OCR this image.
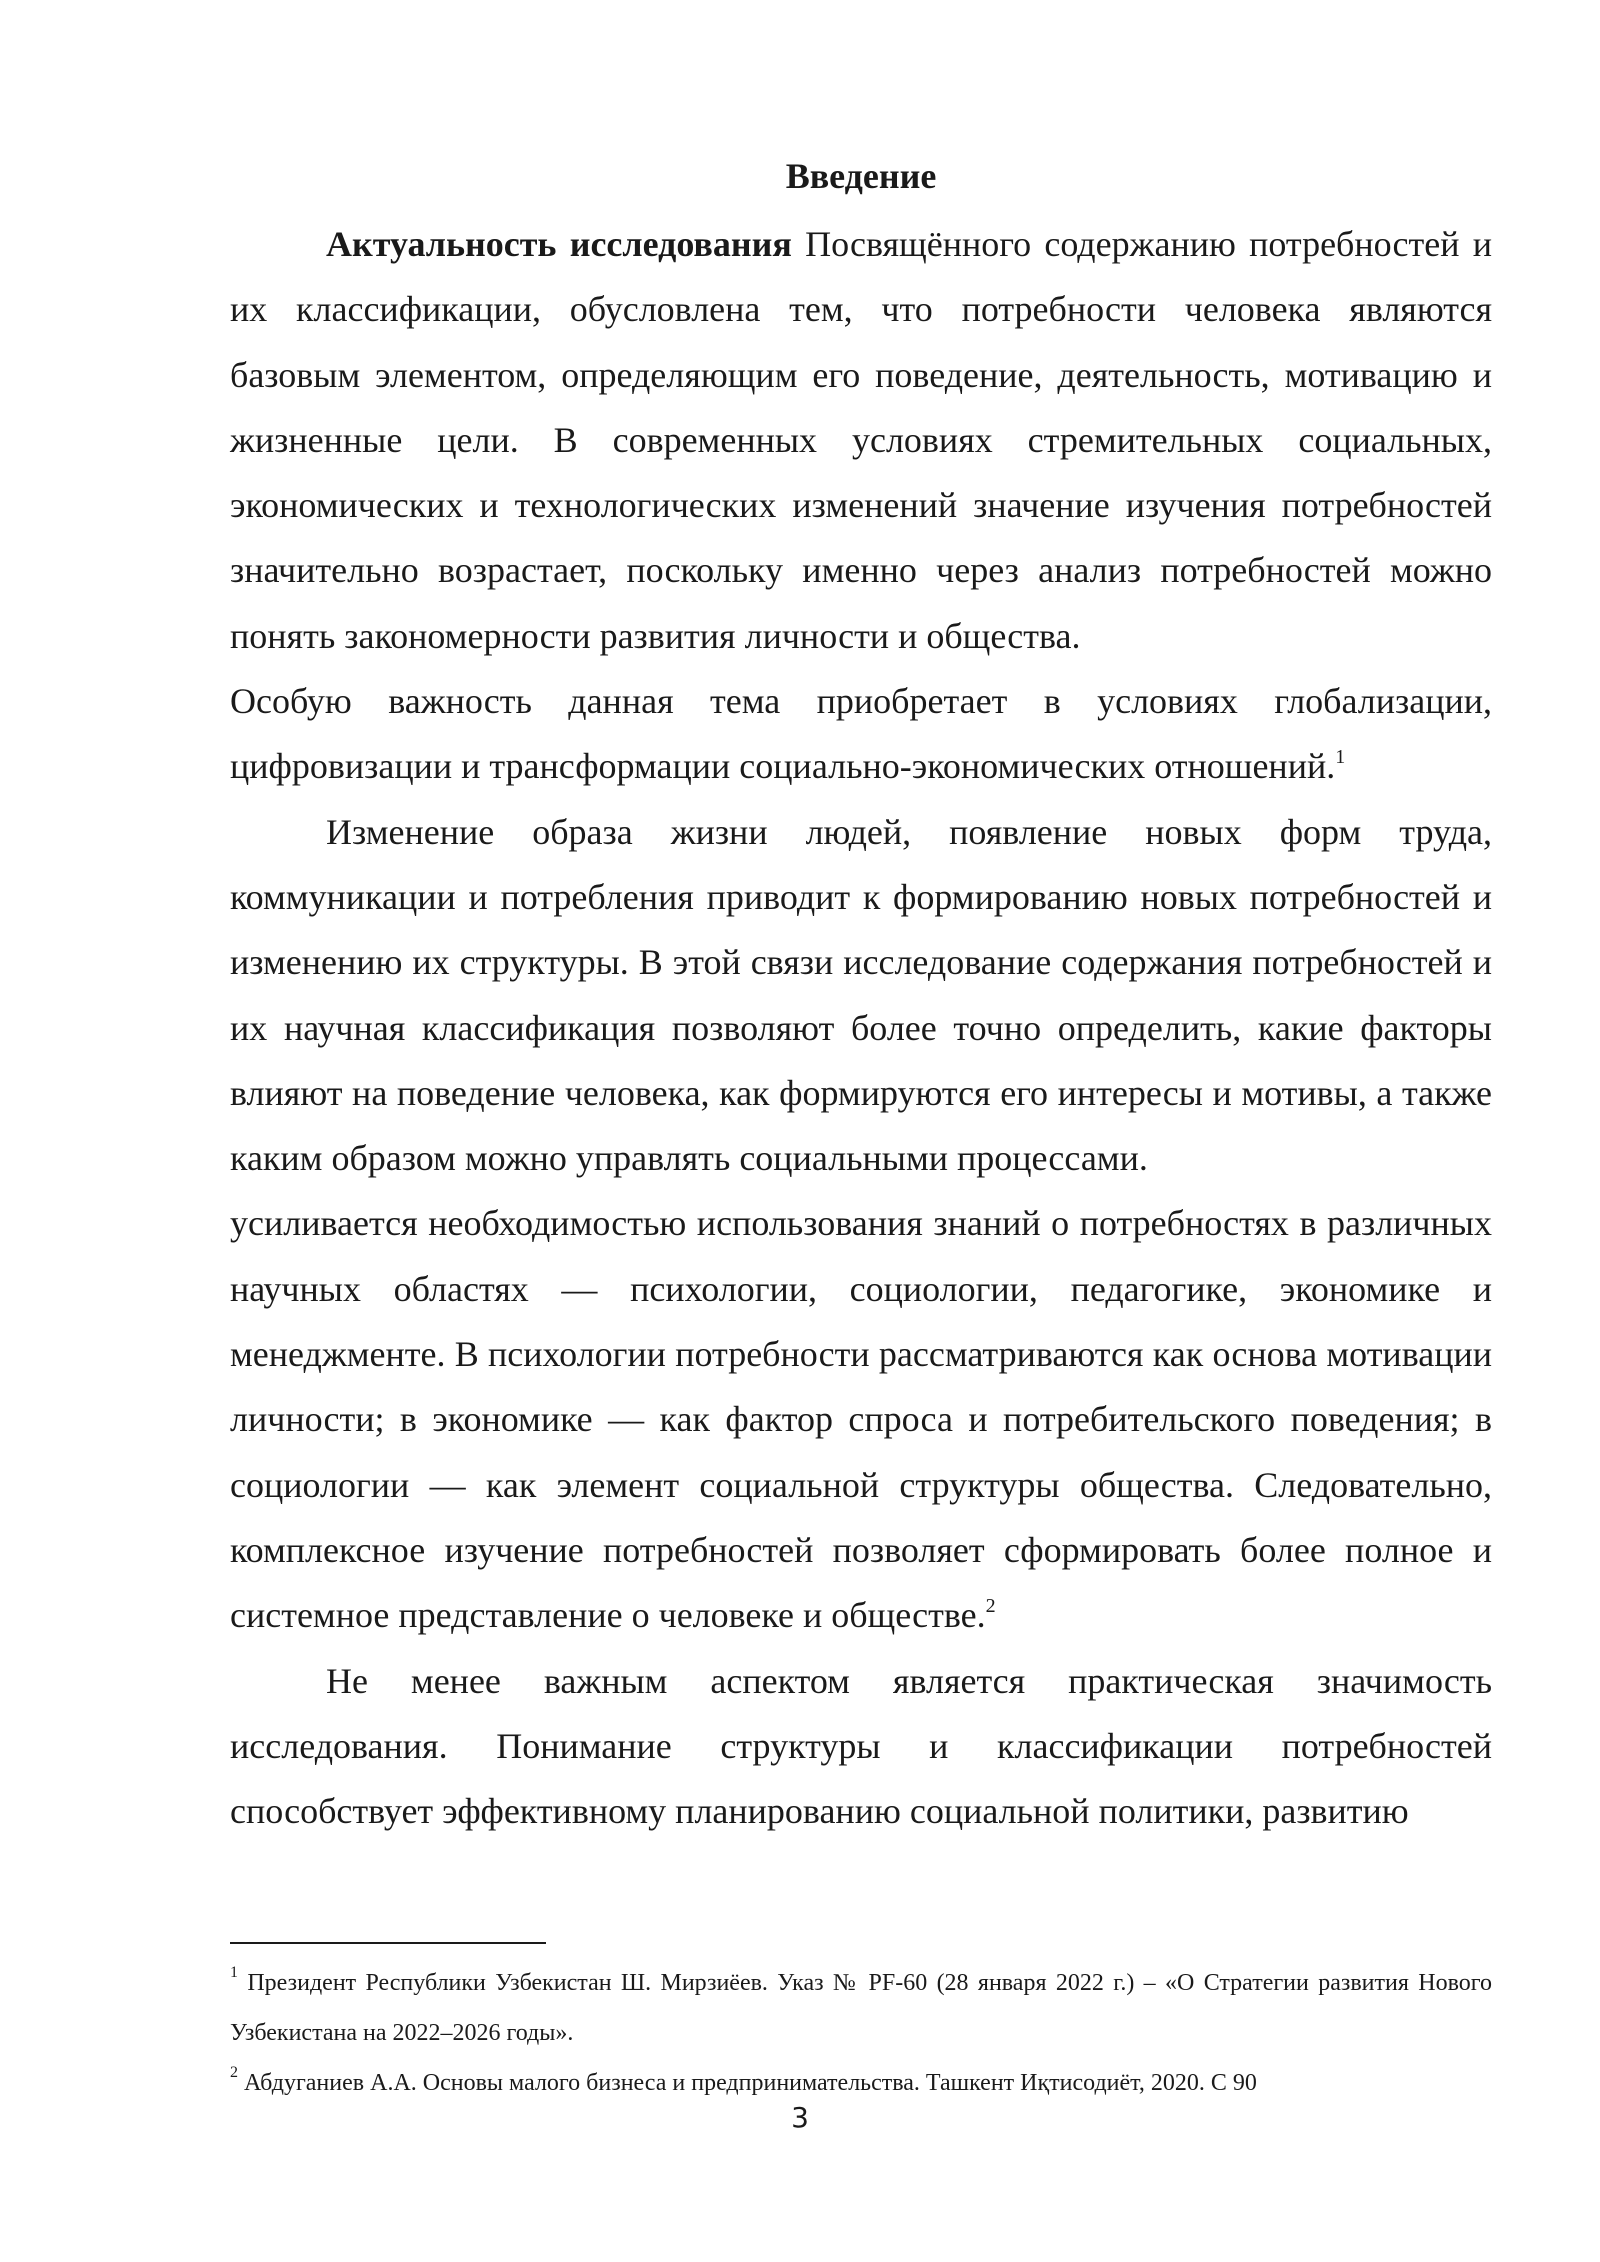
Введение

Актуальность исследования Посвящённого содержанию потребностей и их классификации, обусловлена тем, что потребности человека являются базовым элементом, определяющим его поведение, деятельность, мотивацию и жизненные цели. В современных условиях стремительных социальных, экономических и технологических изменений значение изучения потребностей значительно возрастает, поскольку именно через анализ потребностей можно понять закономерности развития личности и общества.

Особую важность данная тема приобретает в условиях глобализации, цифровизации и трансформации социально-экономических отношений.$^1$

Изменение образа жизни людей, появление новых форм труда, коммуникации и потребления приводит к формированию новых потребностей и изменению их структуры. В этой связи исследование содержания потребностей и их научная классификация позволяют более точно определить, какие факторы влияют на поведение человека, как формируются его интересы и мотивы, а также каким образом можно управлять социальными процессами.

усиливается необходимостью использования знаний о потребностях в различных научных областях — психологии, социологии, педагогике, экономике и менеджменте. В психологии потребности рассматриваются как основа мотивации личности; в экономике — как фактор спроса и потребительского поведения; в социологии — как элемент социальной структуры общества. Следовательно, комплексное изучение потребностей позволяет сформировать более полное и системное представление о человеке и обществе.$^2$

Не менее важным аспектом является практическая значимость исследования. Понимание структуры и классификации потребностей способствует эффективному планированию социальной политики, развитию

$^1$ Президент Республики Узбекистан Ш. Мирзиёев. Указ № PF-60 (28 января 2022 г.) – «О Стратегии развития Нового Узбекистана на 2022–2026 годы».

$^2$ Абдуганиев А.А. Основы малого бизнеса и предпринимательства. Ташкент Иқтисодиёт, 2020. С 90

3
